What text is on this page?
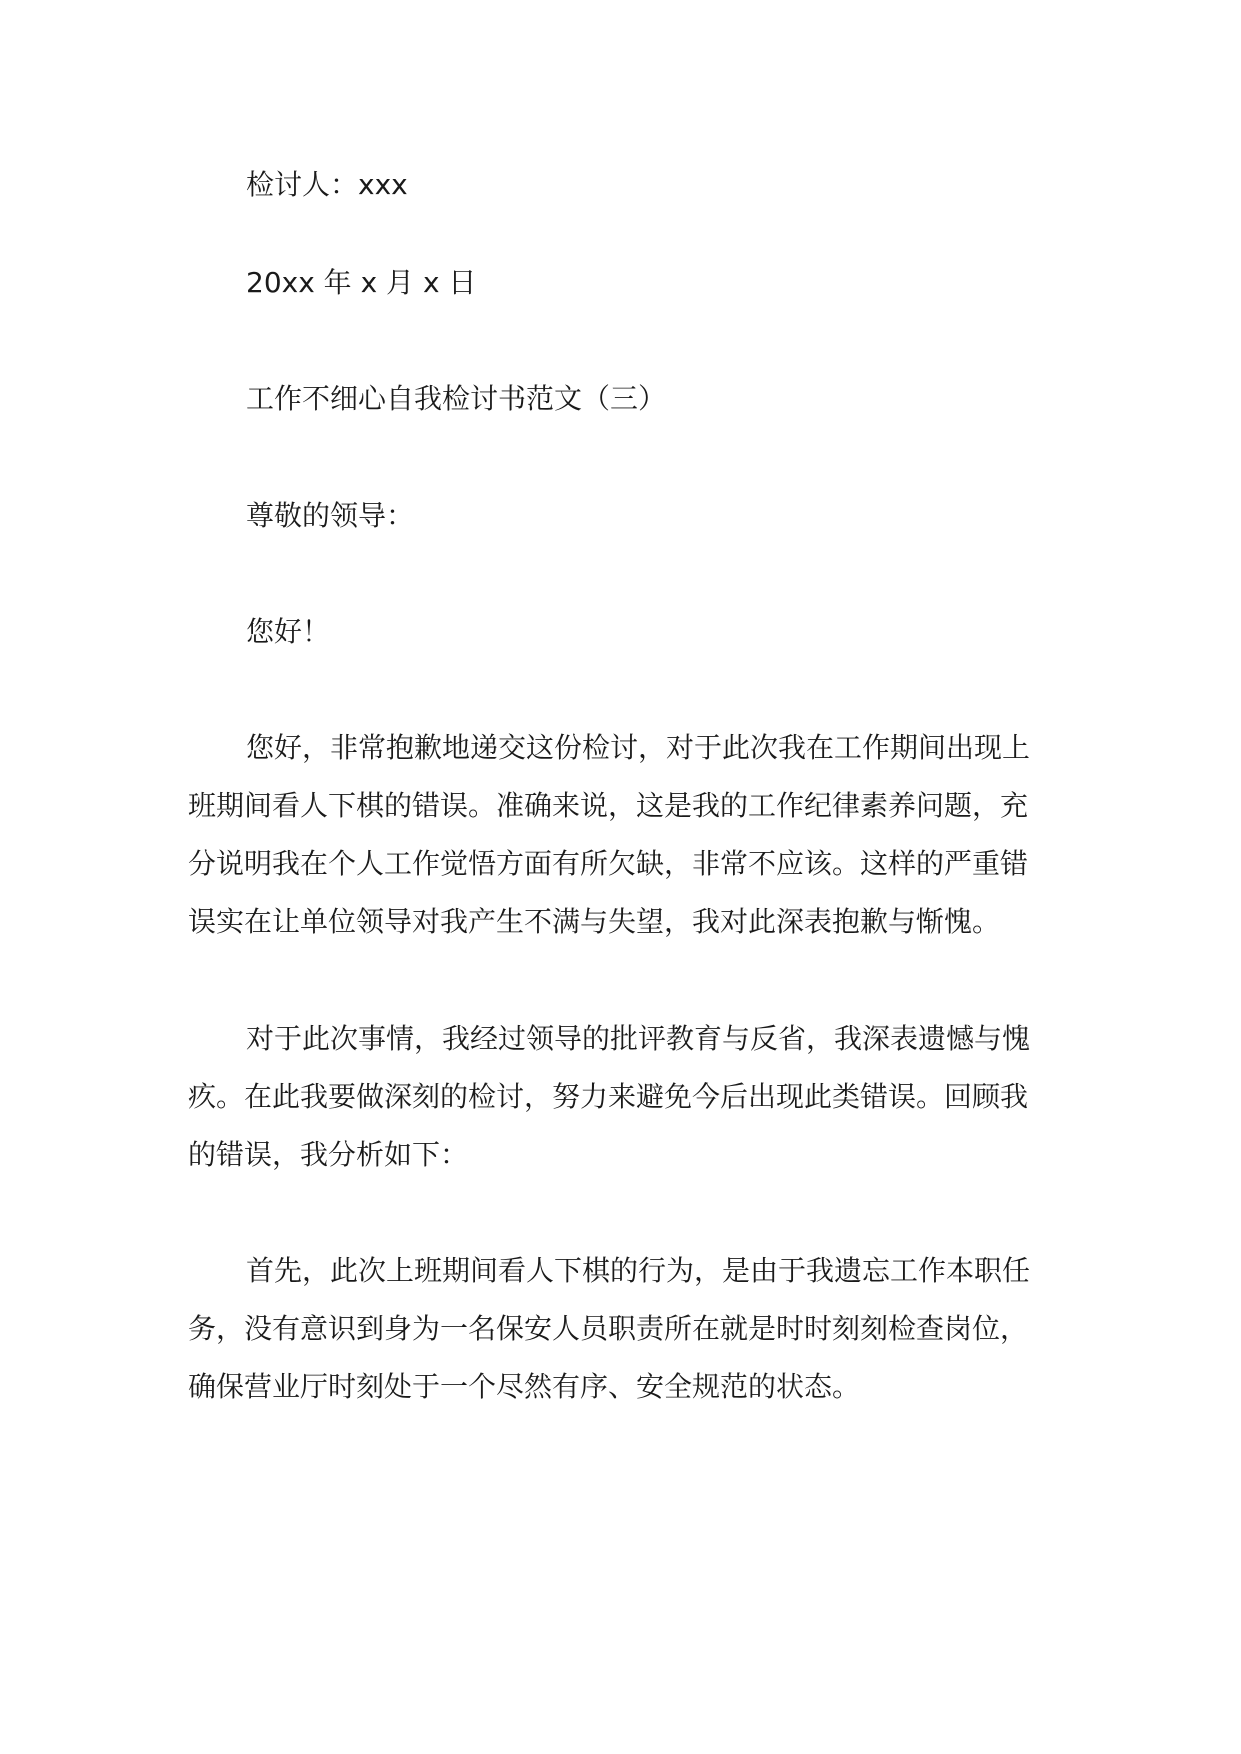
检讨人：xxx
20xx 年 x 月 x 日
工作不细心自我检讨书范文（三）
尊敬的领导：
您好！
您好，非常抱歉地递交这份检讨，对于此次我在工作期间出现上
班期间看人下棋的错误。准确来说，这是我的工作纪律素养问题，充
分说明我在个人工作觉悟方面有所欠缺，非常不应该。这样的严重错
误实在让单位领导对我产生不满与失望，我对此深表抱歉与惭愧。
对于此次事情，我经过领导的批评教育与反省，我深表遗憾与愧
疚。在此我要做深刻的检讨，努力来避免今后出现此类错误。回顾我
的错误，我分析如下：
首先，此次上班期间看人下棋的行为，是由于我遗忘工作本职任
务，没有意识到身为一名保安人员职责所在就是时时刻刻检查岗位，
确保营业厅时刻处于一个尽然有序、安全规范的状态。
